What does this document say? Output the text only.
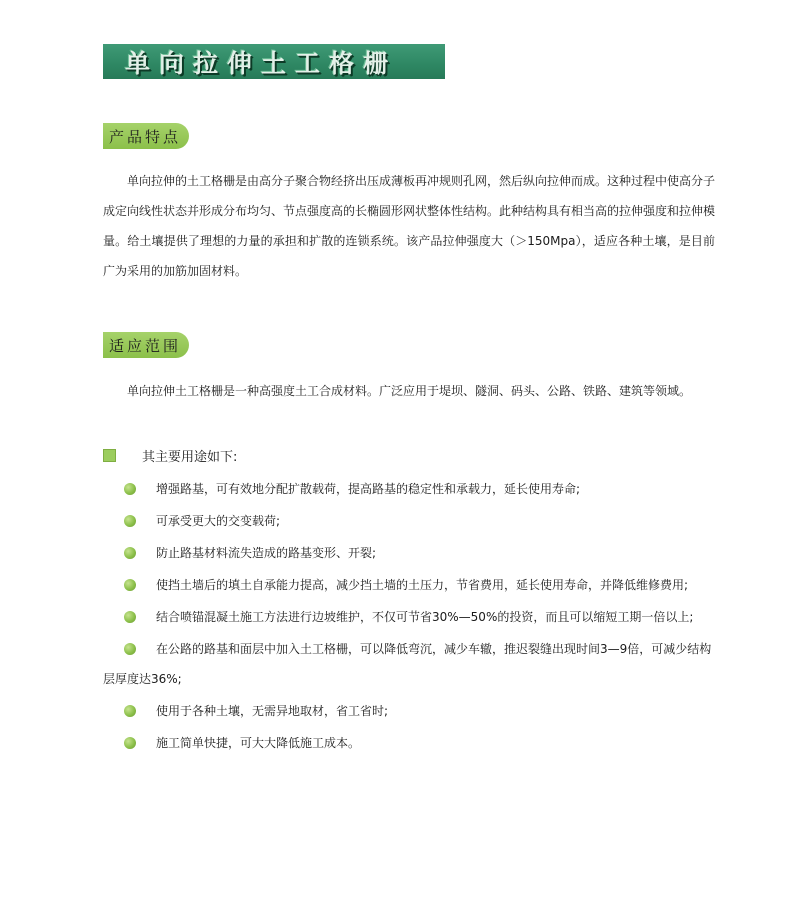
单向拉伸土工格栅
产品特点

单向拉伸的土工格栅是由高分子聚合物经挤出压成薄板再冲规则孔网，然后纵向拉伸而成。这种过程中使高分子成定向线性状态并形成分布均匀、节点强度高的长椭圆形网状整体性结构。此种结构具有相当高的拉伸强度和拉伸模量。给土壤提供了理想的力量的承担和扩散的连锁系统。该产品拉伸强度大（＞150Mpa），适应各种土壤，是目前广为采用的加筋加固材料。

适应范围

单向拉伸土工格栅是一种高强度土工合成材料。广泛应用于堤坝、隧洞、码头、公路、铁路、建筑等领域。

其主要用途如下:
增强路基，可有效地分配扩散载荷，提高路基的稳定性和承载力，延长使用寿命;
可承受更大的交变载荷;
防止路基材料流失造成的路基变形、开裂;
使挡土墙后的填土自承能力提高，减少挡土墙的土压力，节省费用，延长使用寿命，并降低维修费用;
结合喷锚混凝土施工方法进行边坡维护，不仅可节省30%—50%的投资，而且可以缩短工期一倍以上;
在公路的路基和面层中加入土工格栅，可以降低弯沉，减少车辙，推迟裂缝出现时间3—9倍，可减少结构层厚度达36%;
使用于各种土壤，无需异地取材，省工省时;
施工简单快捷，可大大降低施工成本。
